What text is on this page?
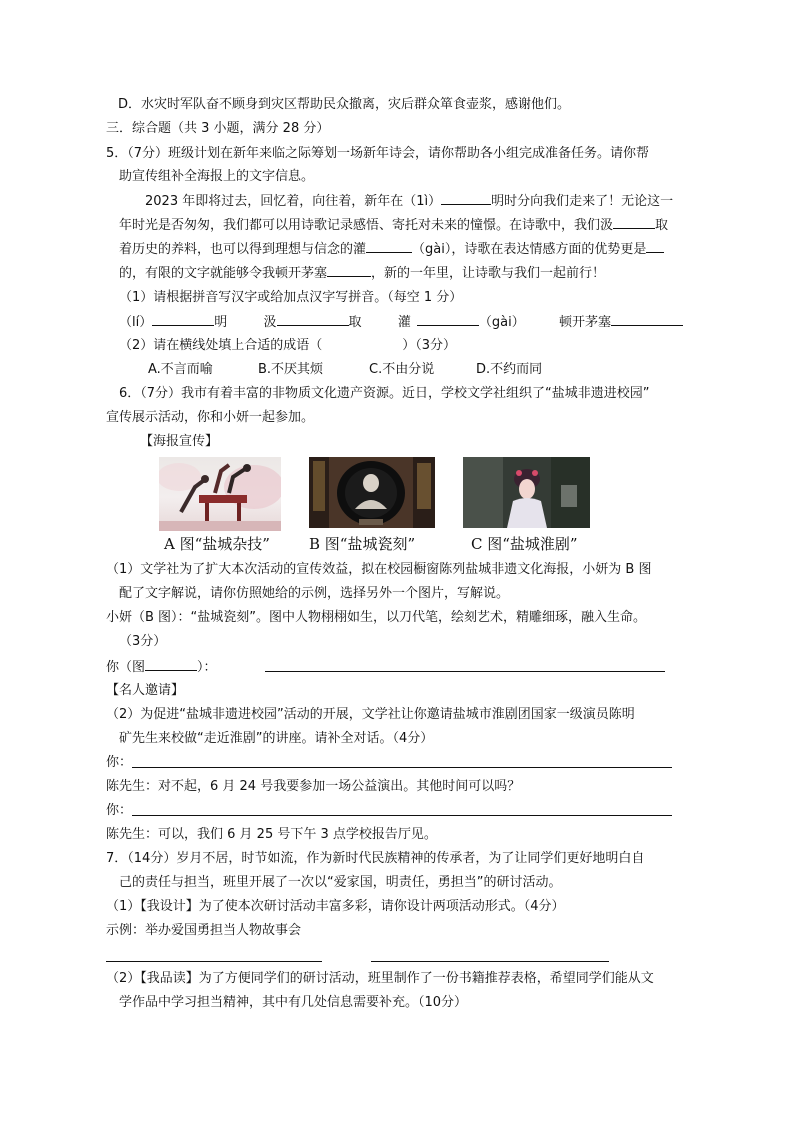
D．水灾时军队奋不顾身到灾区帮助民众撤离，灾后群众箪食壶浆，感谢他们。
三．综合题（共 3 小题，满分 28 分）
5．（7分）班级计划在新年来临之际筹划一场新年诗会，请你帮助各小组完成准备任务。请你帮
助宣传组补全海报上的文字信息。
2023 年即将过去，回忆着，向往着，新年在（1ì）	明时分向我们走来了！无论这一
年时光是否匆匆，我们都可以用诗歌记录感悟、寄托对未来的憧憬。在诗歌中，我们汲	取
着历史的养料，也可以得到理想与信念的灌	（gài），诗歌在表达情感方面的优势更是
的，有限的文字就能够令我顿开茅塞	，新的一年里，让诗歌与我们一起前行！
（1）请根据拼音写汉字或给加点汉字写拼音。（每空 1 分）
（lí）	明	汲	取	灌	（gài）	顿开茅塞
（2）请在横线处填上合适的成语（	）（3分）
A.不言而喻	B.不厌其烦	C.不由分说	D.不约而同
6．（7分）我市有着丰富的非物质文化遗产资源。近日，学校文学社组织了“盐城非遗进校园”
宣传展示活动，你和小妍一起参加。
【海报宣传】
A 图“盐城杂技”	B 图“盐城瓷刻”	C 图“盐城淮剧”
（1）文学社为了扩大本次活动的宣传效益，拟在校园橱窗陈列盐城非遗文化海报，小妍为 B 图
配了文字解说，请你仿照她给的示例，选择另外一个图片，写解说。
小妍（B 图）：“盐城瓷刻”。图中人物栩栩如生，以刀代笔，绘刻艺术，精雕细琢，融入生命。
（3分）
你（图	）：
【名人邀请】
（2）为促进“盐城非遗进校园”活动的开展，文学社让你邀请盐城市淮剧团国家一级演员陈明
矿先生来校做“走近淮剧”的讲座。请补全对话。（4分）
你：
陈先生：对不起，6 月 24 号我要参加一场公益演出。其他时间可以吗？
你：
陈先生：可以，我们 6 月 25 号下午 3 点学校报告厅见。
7．（14分）岁月不居，时节如流，作为新时代民族精神的传承者，为了让同学们更好地明白自
己的责任与担当，班里开展了一次以“爱家国，明责任，勇担当”的研讨活动。
（1）【我设计】为了使本次研讨活动丰富多彩，请你设计两项活动形式。（4分）
示例：举办爱国勇担当人物故事会
（2）【我品读】为了方便同学们的研讨活动，班里制作了一份书籍推荐表格，希望同学们能从文
学作品中学习担当精神，其中有几处信息需要补充。（10分）
